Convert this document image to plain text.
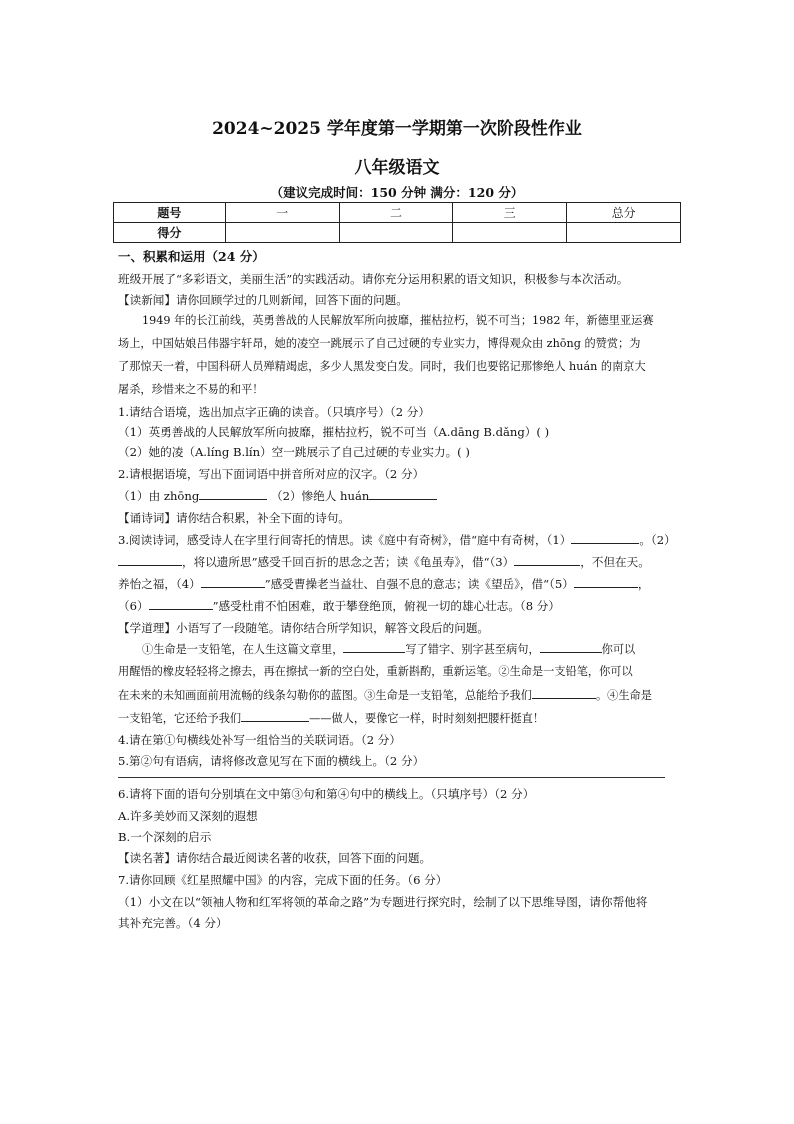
2024~2025 学年度第一学期第一次阶段性作业
八年级语文
（建议完成时间：150 分钟 满分：120 分）
题号	一	二	三	总分
得分				
一、积累和运用（24 分）
班级开展了“多彩语文，美丽生活”的实践活动。请你充分运用积累的语文知识，积极参与本次活动。
【读新闻】请你回顾学过的几则新闻，回答下面的问题。
1949 年的长江前线，英勇善战的人民解放军所向披靡，摧枯拉朽，锐不可当；1982 年，新德里亚运赛
场上，中国姑娘吕伟器宇轩昂，她的凌空一跳展示了自己过硬的专业实力，博得观众由 zhōng 的赞赏；为
了那惊天一着，中国科研人员殚精竭虑，多少人黑发变白发。同时，我们也要铭记那惨绝人 huán 的南京大
屠杀，珍惜来之不易的和平！
1.请结合语境，选出加点字正确的读音。（只填序号）（2 分）
（1）英勇善战的人民解放军所向披靡，摧枯拉朽，锐不可当（A.dāng B.dǎng）( )
（2）她的凌（A.líng B.lín）空一跳展示了自己过硬的专业实力。( )
2.请根据语境，写出下面词语中拼音所对应的汉字。（2 分）
（1）由 zhōng	（2）惨绝人 huán
【诵诗词】请你结合积累，补全下面的诗句。
3.阅读诗词，感受诗人在字里行间寄托的情思。读《庭中有奇树》，借“庭中有奇树，（1）	。（2）
，将以遗所思”感受千回百折的思念之苦；读《龟虽寿》，借“（3）	，不但在天。
养怡之福，（4）	”感受曹操老当益壮、自强不息的意志；读《望岳》，借“（5）	，
（6）	”感受杜甫不怕困难，敢于攀登绝顶，俯视一切的雄心壮志。（8 分）
【学道理】小语写了一段随笔。请你结合所学知识，解答文段后的问题。
①生命是一支铅笔，在人生这篇文章里，	写了错字、别字甚至病句，	你可以
用醒悟的橡皮轻轻将之擦去，再在擦拭一新的空白处，重新斟酌，重新运笔。②生命是一支铅笔，你可以
在未来的未知画面前用流畅的线条勾勒你的蓝图。③生命是一支铅笔，总能给予我们	。④生命是
一支铅笔，它还给予我们	——做人，要像它一样，时时刻刻把腰杆挺直！
4.请在第①句横线处补写一组恰当的关联词语。（2 分）
5.第②句有语病，请将修改意见写在下面的横线上。（2 分）
6.请将下面的语句分别填在文中第③句和第④句中的横线上。（只填序号）（2 分）
A.许多美妙而又深刻的遐想
B.一个深刻的启示
【读名著】请你结合最近阅读名著的收获，回答下面的问题。
7.请你回顾《红星照耀中国》的内容，完成下面的任务。（6 分）
（1）小文在以“领袖人物和红军将领的革命之路”为专题进行探究时，绘制了以下思维导图，请你帮他将
其补充完善。（4 分）
